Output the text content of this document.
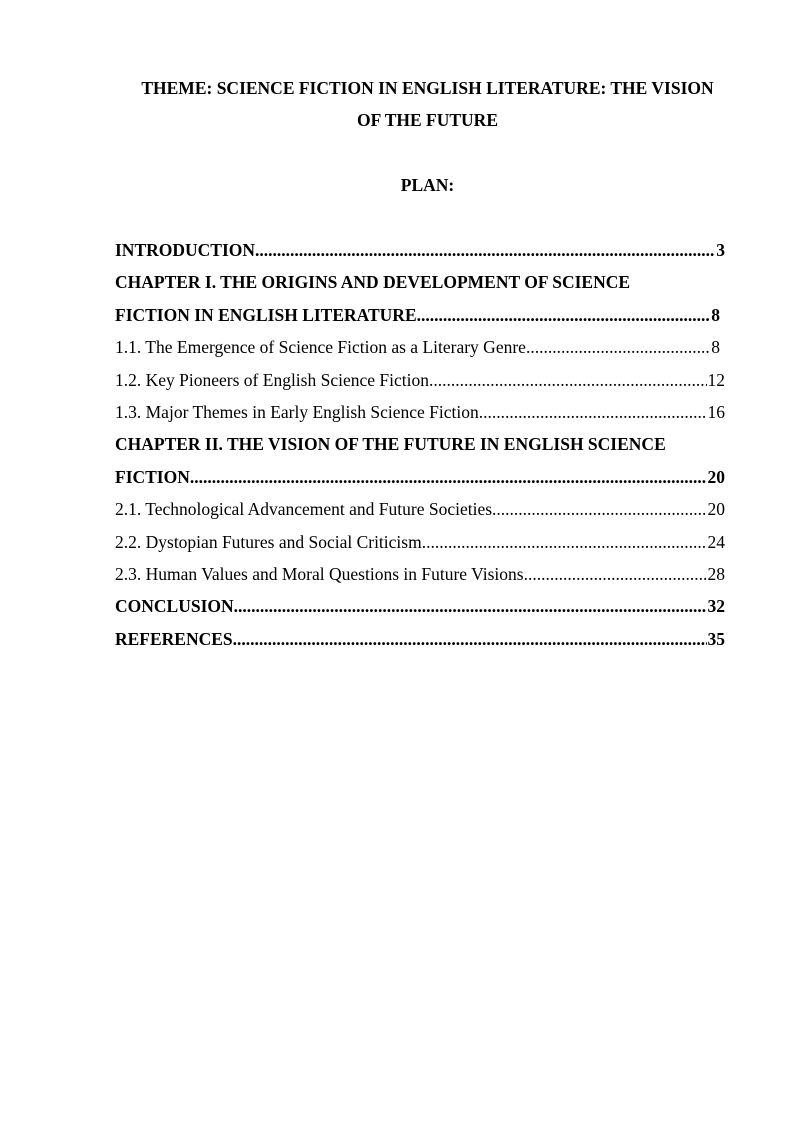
THEME: SCIENCE FICTION IN ENGLISH LITERATURE: THE VISION
OF THE FUTURE
PLAN:
INTRODUCTION .....	3
CHAPTER I. THE ORIGINS AND DEVELOPMENT OF SCIENCE
FICTION IN ENGLISH LITERATURE .....	8
1.1. The Emergence of Science Fiction as a Literary Genre .....	8
1.2. Key Pioneers of English Science Fiction .....	12
1.3. Major Themes in Early English Science Fiction .....	16
CHAPTER II. THE VISION OF THE FUTURE IN ENGLISH SCIENCE
FICTION .....	20
2.1. Technological Advancement and Future Societies .....	20
2.2. Dystopian Futures and Social Criticism .....	24
2.3. Human Values and Moral Questions in Future Visions .....	28
CONCLUSION .....	32
REFERENCES .....	35
